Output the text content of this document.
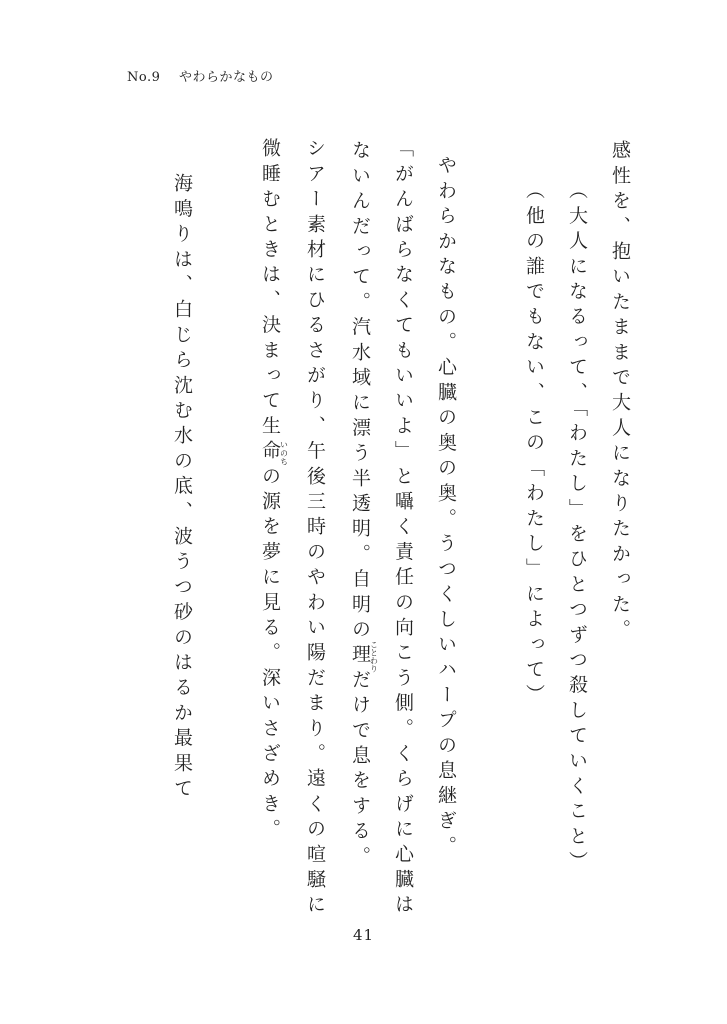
No.9 やわらかなもの
感性を、抱いたままで大人になりたかった。
（大人になるって、「わたし」をひとつずつ殺していくこと）
（他の誰でもない、この「わたし」によって）
やわらかなもの。心臓の奥の奥。うつくしいハープの息継ぎ。
「がんばらなくてもいいよ」と囁く責任の向こう側。くらげに心臓は
ないんだって。汽水域に漂う半透明。自明の理ことわりだけで息をする。
シアー素材にひるさがり、午後三時のやわい陽だまり。遠くの喧騒に
微睡むときは、決まって生命いのちの源を夢に見る。深いさざめき。
海鳴りは、白じら沈む水の底、波うつ砂のはるか最果て
41
